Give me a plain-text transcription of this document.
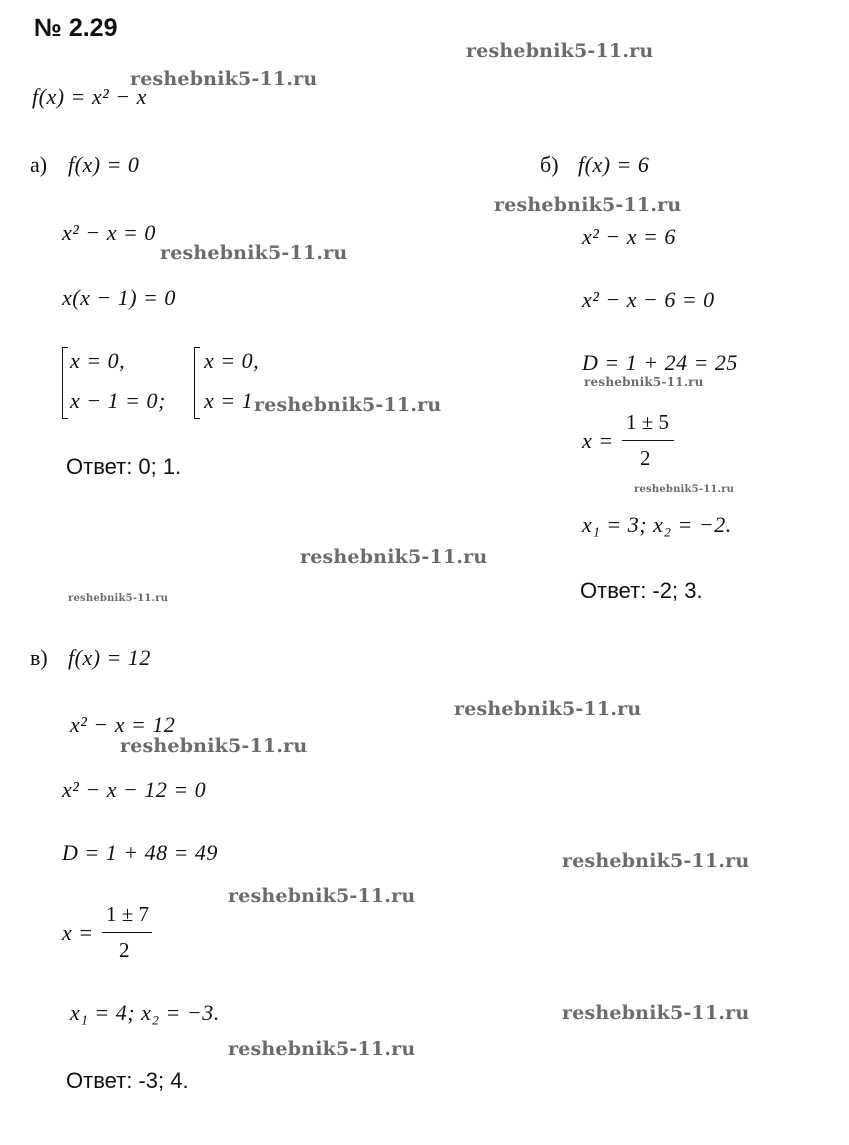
№ 2.29
f(x) = x² − x
а) f(x) = 0
x² − x = 0
x(x − 1) = 0
x = 0,
x − 1 = 0;
x = 0,
x = 1
Ответ: 0; 1.
б) f(x) = 6
x² − x = 6
x² − x − 6 = 0
D = 1 + 24 = 25
x =
1 ± 5
2
x₁ = 3; x₂ = −2.
Ответ: -2; 3.
в) f(x) = 12
x² − x = 12
x² − x − 12 = 0
D = 1 + 48 = 49
x =
1 ± 7
2
x₁ = 4; x₂ = −3.
Ответ: -3; 4.
reshebnik5-11.ru
reshebnik5-11.ru
reshebnik5-11.ru
reshebnik5-11.ru
reshebnik5-11.ru
reshebnik5-11.ru
reshebnik5-11.ru
reshebnik5-11.ru
reshebnik5-11.ru
reshebnik5-11.ru
reshebnik5-11.ru
reshebnik5-11.ru
reshebnik5-11.ru
reshebnik5-11.ru
reshebnik5-11.ru
